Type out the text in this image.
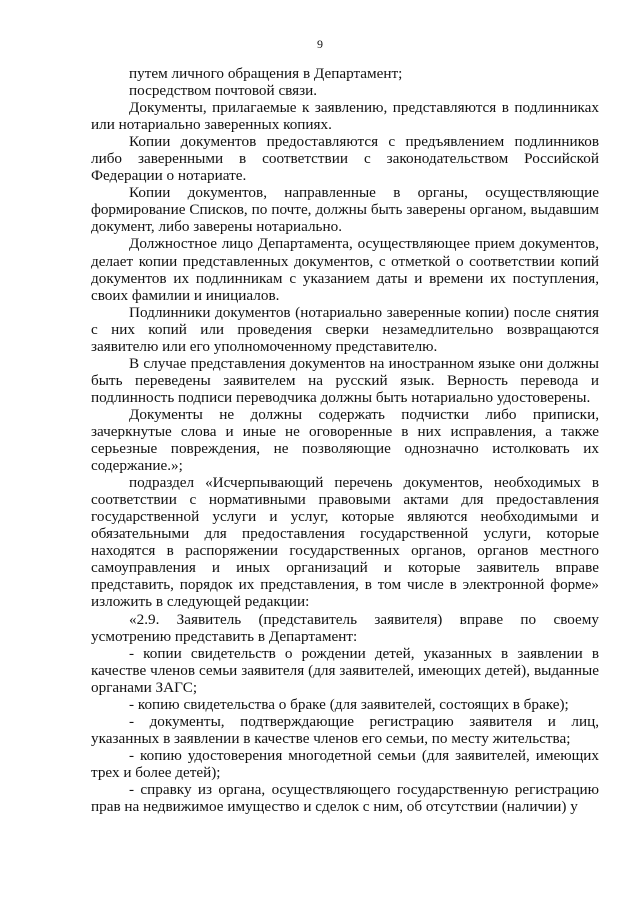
9

путем личного обращения в Департамент;

посредством почтовой связи.

Документы, прилагаемые к заявлению, представляются в подлинниках или нотариально заверенных копиях.

Копии документов предоставляются с предъявлением подлинников либо заверенными в соответствии с законодательством Российской Федерации о нотариате.

Копии документов, направленные в органы, осуществляющие формирование Списков, по почте, должны быть заверены органом, выдавшим документ, либо заверены нотариально.

Должностное лицо Департамента, осуществляющее прием документов, делает копии представленных документов, с отметкой о соответствии копий документов их подлинникам с указанием даты и времени их поступления, своих фамилии и инициалов.

Подлинники документов (нотариально заверенные копии) после снятия с них копий или проведения сверки незамедлительно возвращаются заявителю или его уполномоченному представителю.

В случае представления документов на иностранном языке они должны быть переведены заявителем на русский язык. Верность перевода и подлинность подписи переводчика должны быть нотариально удостоверены.

Документы не должны содержать подчистки либо приписки, зачеркнутые слова и иные не оговоренные в них исправления, а также серьезные повреждения, не позволяющие однозначно истолковать их содержание.»;

подраздел «Исчерпывающий перечень документов, необходимых в соответствии с нормативными правовыми актами для предоставления государственной услуги и услуг, которые являются необходимыми и обязательными для предоставления государственной услуги, которые находятся в распоряжении государственных органов, органов местного самоуправления и иных организаций и которые заявитель вправе представить, порядок их представления, в том числе в электронной форме» изложить в следующей редакции:

«2.9. Заявитель (представитель заявителя) вправе по своему усмотрению представить в Департамент:

- копии свидетельств о рождении детей, указанных в заявлении в качестве членов семьи заявителя (для заявителей, имеющих детей), выданные органами ЗАГС;

- копию свидетельства о браке (для заявителей, состоящих в браке);

- документы, подтверждающие регистрацию заявителя и лиц, указанных в заявлении в качестве членов его семьи, по месту жительства;

- копию удостоверения многодетной семьи (для заявителей, имеющих трех и более детей);

- справку из органа, осуществляющего государственную регистрацию прав на недвижимое имущество и сделок с ним, об отсутствии (наличии) у
